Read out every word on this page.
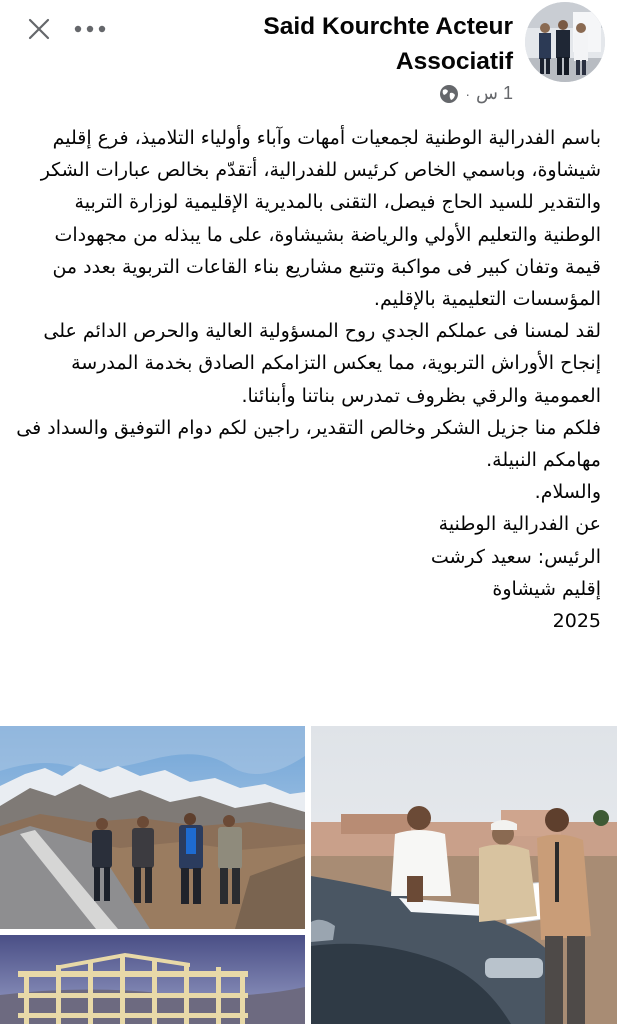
Said Kourchte Acteur Associatif
· 1 س
باسم الفدرالية الوطنية لجمعيات أمهات وآباء وأولياء التلاميذ، فرع إقليم شيشاوة، وباسمي الخاص كرئيس للفدرالية، أتقدّم بخالص عبارات الشكر والتقدير للسيد الحاج فيصل، التقنى بالمديرية الإقليمية لوزارة التربية الوطنية والتعليم الأولي والرياضة بشيشاوة، على ما يبذله من مجهودات قيمة وتفان كبير فى مواكبة وتتبع مشاريع بناء القاعات التربوية بعدد من المؤسسات التعليمية بالإقليم.
لقد لمسنا فى عملكم الجدي روح المسؤولية العالية والحرص الدائم على إنجاح الأوراش التربوية، مما يعكس التزامكم الصادق بخدمة المدرسة العمومية والرقي بظروف تمدرس بناتنا وأبنائنا.
فلكم منا جزيل الشكر وخالص التقدير، راجين لكم دوام التوفيق والسداد فى مهامكم النبيلة.
والسلام.
عن الفدرالية الوطنية
الرئيس: سعيد كرشت
إقليم شيشاوة
2025
